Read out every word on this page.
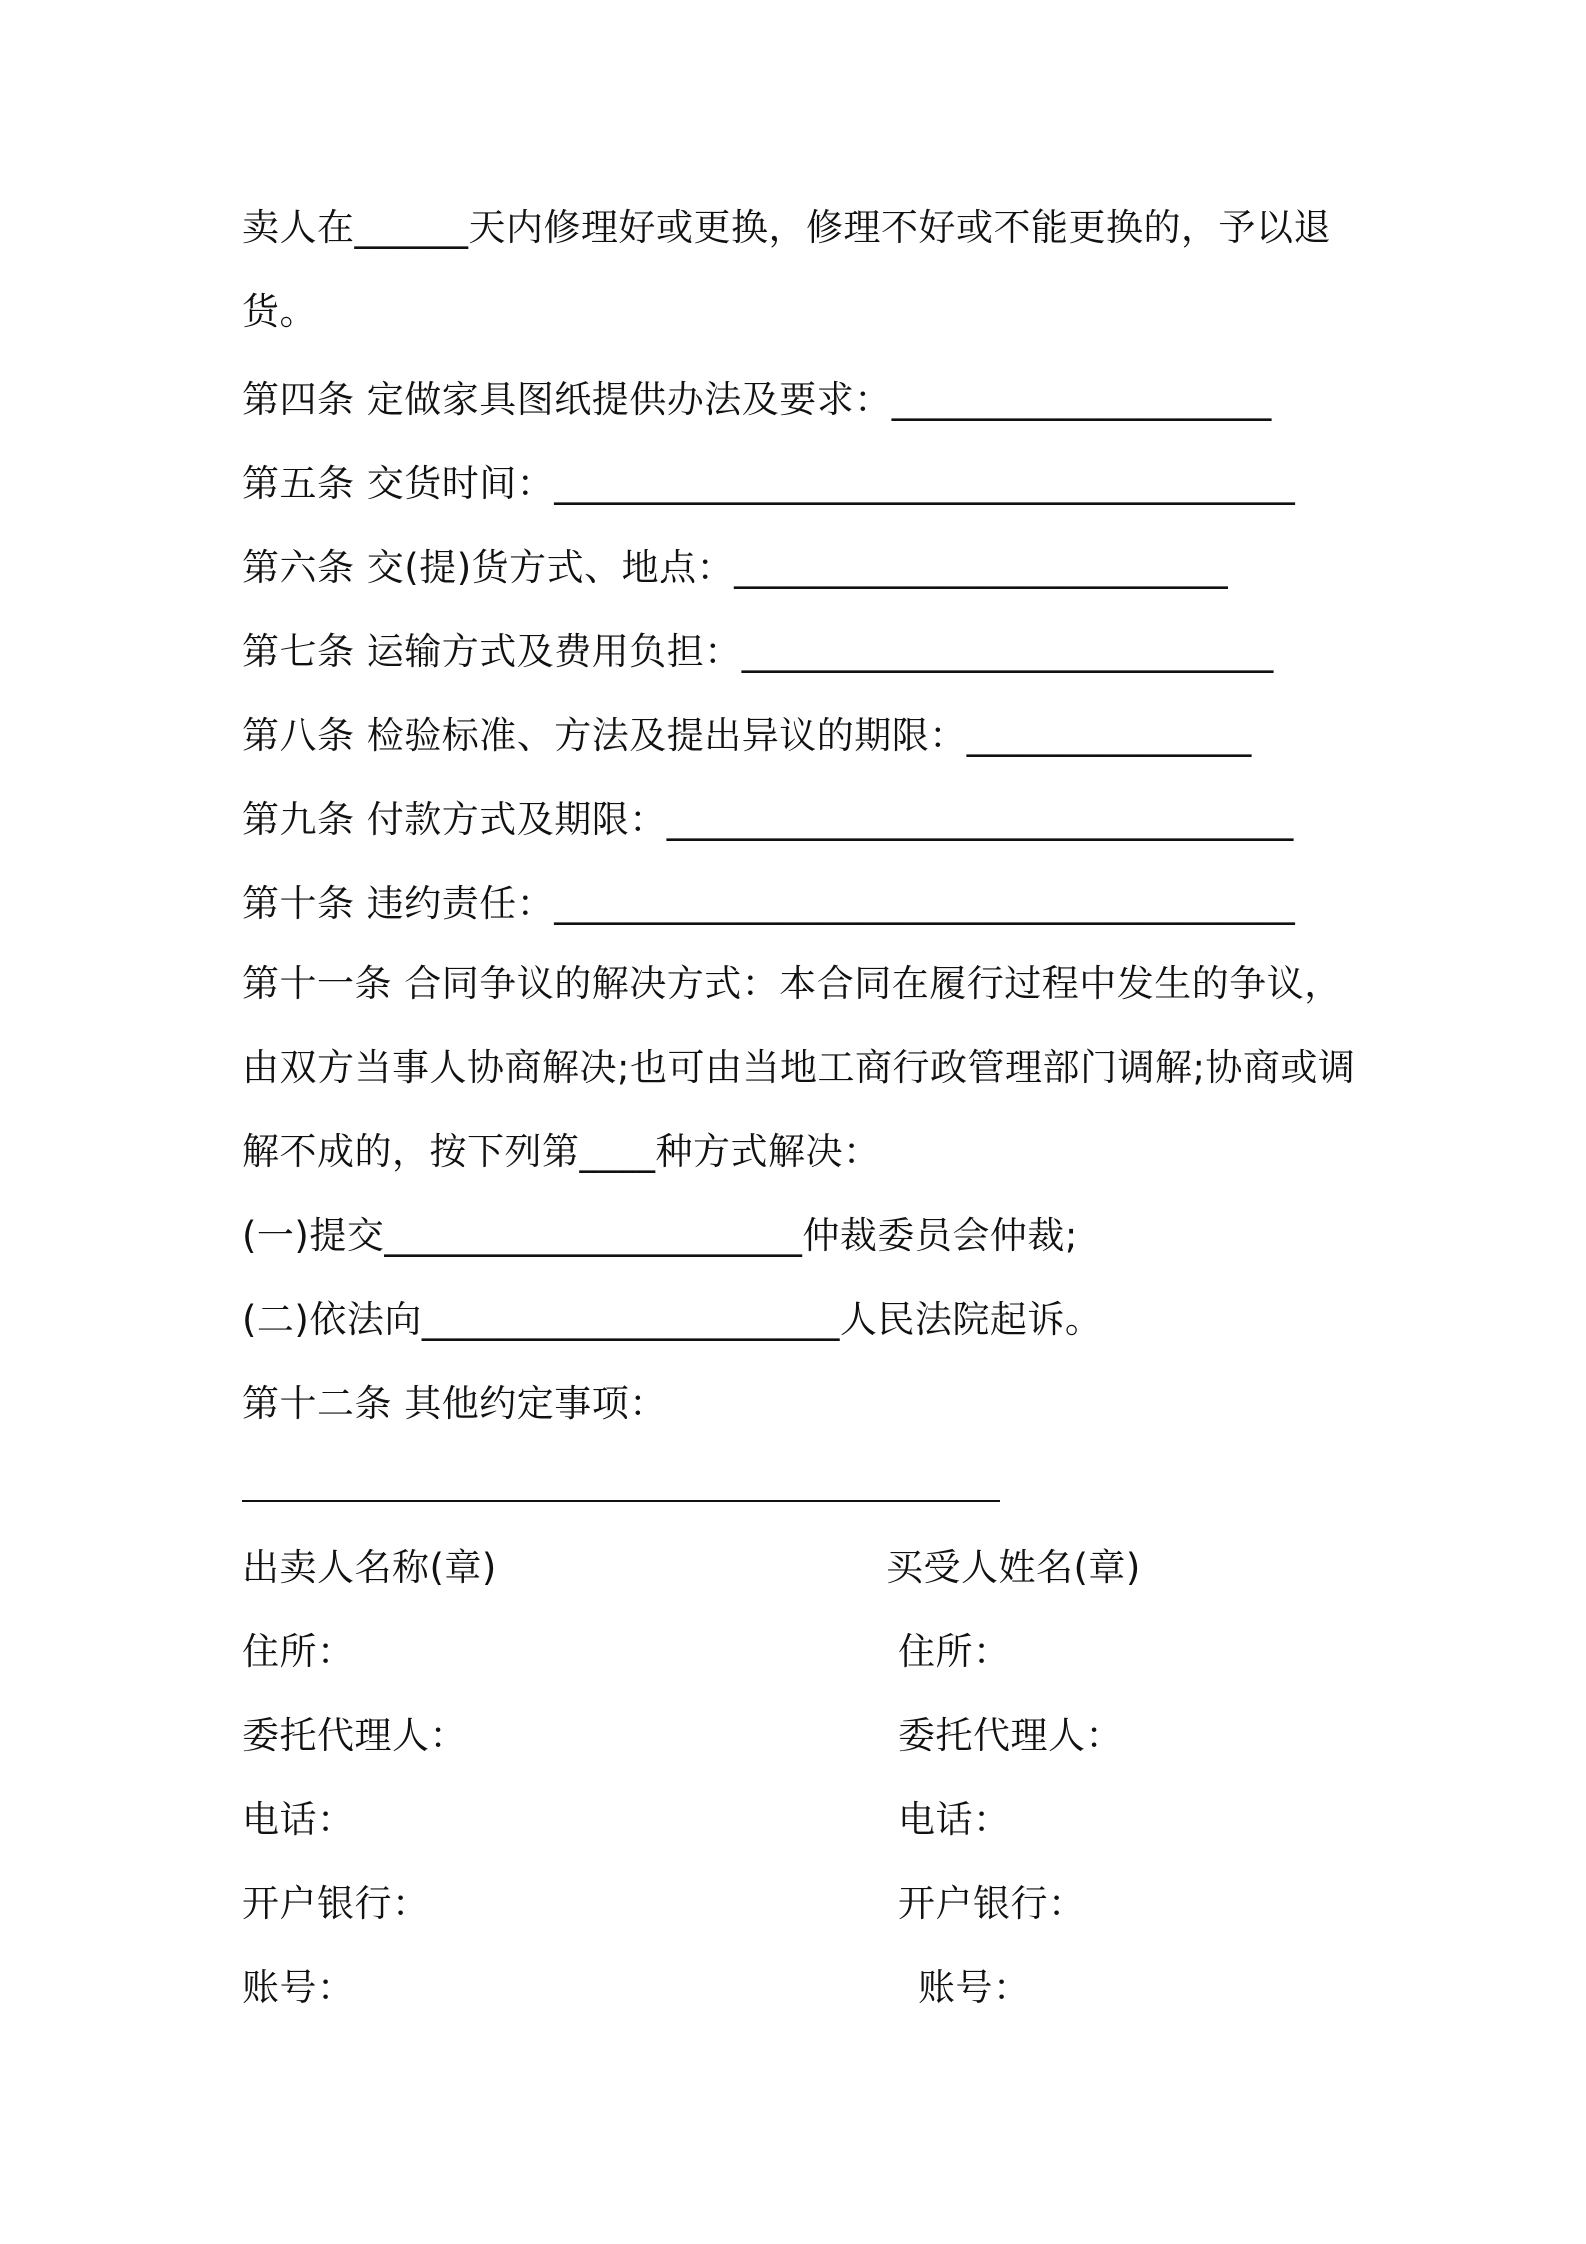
卖人在______天内修理好或更换，修理不好或不能更换的，予以退
货。
第四条 定做家具图纸提供办法及要求：____________________
第五条 交货时间：_______________________________________
第六条 交(提)货方式、地点：__________________________
第七条 运输方式及费用负担：____________________________
第八条 检验标准、方法及提出异议的期限：_______________
第九条 付款方式及期限：_________________________________
第十条 违约责任：_______________________________________
第十一条 合同争议的解决方式：本合同在履行过程中发生的争议，
由双方当事人协商解决;也可由当地工商行政管理部门调解;协商或调
解不成的，按下列第____种方式解决：
(一)提交______________________仲裁委员会仲裁;
(二)依法向______________________人民法院起诉。
第十二条 其他约定事项：
出卖人名称(章)	买受人姓名(章)
住所：	住所：
委托代理人：	委托代理人：
电话：	电话：
开户银行：	开户银行：
账号：	账号：
